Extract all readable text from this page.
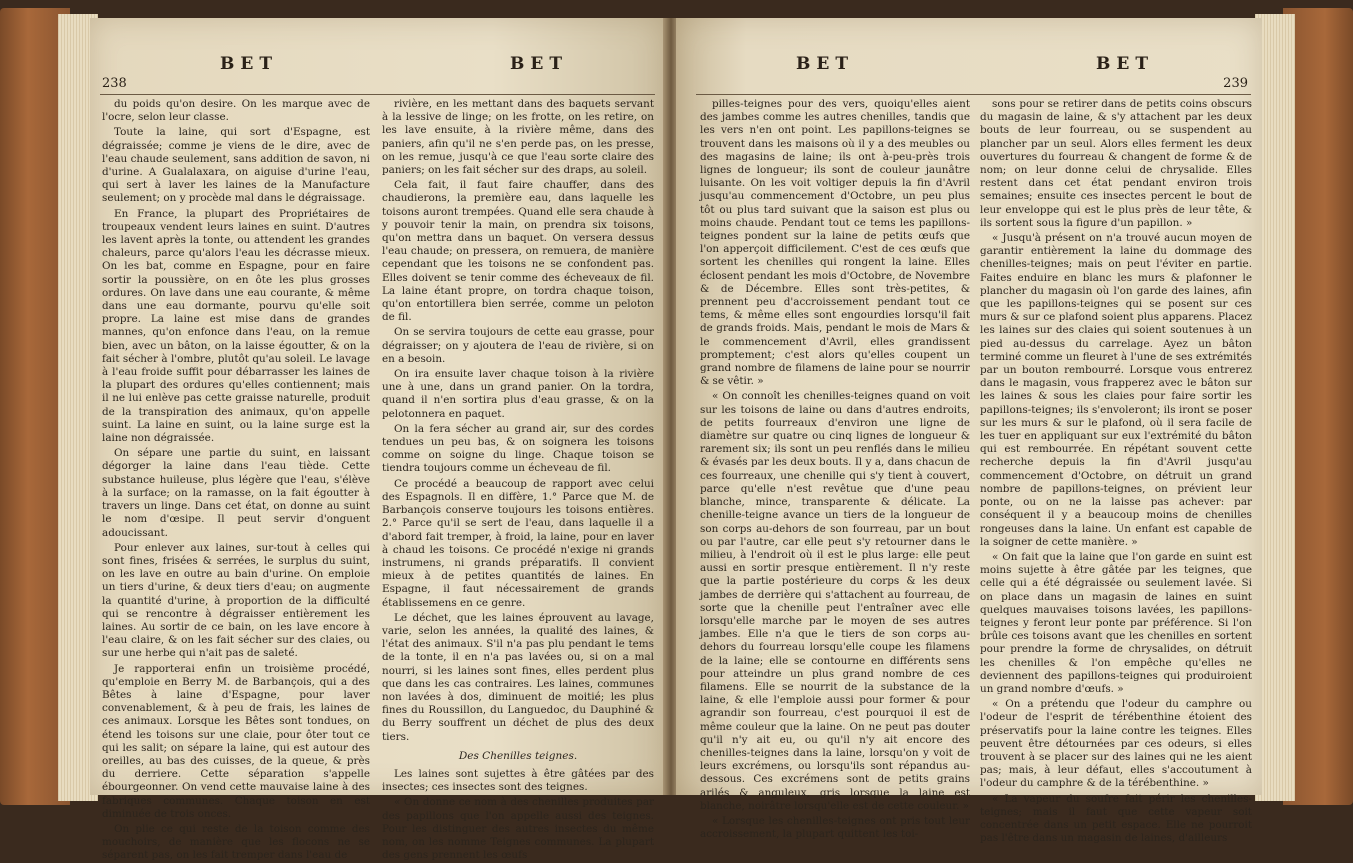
238
BET	BET

du poids qu'on desire. On les marque avec de l'ocre, selon leur classe.

Toute la laine, qui sort d'Espagne, est dégraissée; comme je viens de le dire, avec de l'eau chaude seulement, sans addition de savon, ni d'urine. A Gualalaxara, on aiguise d'urine l'eau, qui sert à laver les laines de la Manufacture seulement; on y procède mal dans le dégraissage.

En France, la plupart des Propriétaires de troupeaux vendent leurs laines en suint. D'autres les lavent après la tonte, ou attendent les grandes chaleurs, parce qu'alors l'eau les décrasse mieux. On les bat, comme en Espagne, pour en faire sortir la poussière, on en ôte les plus grosses ordures. On lave dans une eau courante, & même dans une eau dormante, pourvu qu'elle soit propre. La laine est mise dans de grandes mannes, qu'on enfonce dans l'eau, on la remue bien, avec un bâton, on la laisse égoutter, & on la fait sécher à l'ombre, plutôt qu'au soleil. Le lavage à l'eau froide suffit pour débarrasser les laines de la plupart des ordures qu'elles contiennent; mais il ne lui enlève pas cette graisse naturelle, produit de la transpiration des animaux, qu'on appelle suint. La laine en suint, ou la laine surge est la laine non dégraissée.

On sépare une partie du suint, en laissant dégorger la laine dans l'eau tiède. Cette substance huileuse, plus légère que l'eau, s'élève à la surface; on la ramasse, on la fait égoutter à travers un linge. Dans cet état, on donne au suint le nom d'œsipe. Il peut servir d'onguent adoucissant.

Pour enlever aux laines, sur-tout à celles qui sont fines, frisées & serrées, le surplus du suint, on les lave en outre au bain d'urine. On emploie un tiers d'urine, & deux tiers d'eau; on augmente la quantité d'urine, à proportion de la difficulté qui se rencontre à dégraisser entièrement les laines. Au sortir de ce bain, on les lave encore à l'eau claire, & on les fait sécher sur des claies, ou sur une herbe qui n'ait pas de saleté.

Je rapporterai enfin un troisième procédé, qu'emploie en Berry M. de Barbançois, qui a des Bêtes à laine d'Espagne, pour laver convenablement, & à peu de frais, les laines de ces animaux. Lorsque les Bêtes sont tondues, on étend les toisons sur une claie, pour ôter tout ce qui les salit; on sépare la laine, qui est autour des oreilles, au bas des cuisses, de la queue, & près du derriere. Cette séparation s'appelle ébourgeonner. On vend cette mauvaise laine à des fabriques communes. Chaque toison en est diminuée de trois onces.

On plie ce qui reste de la toison comme des mouchoirs, de manière que les flocons ne se séparent pas, on les fait tremper dans l'eau de

rivière, en les mettant dans des baquets servant à la lessive de linge; on les frotte, on les retire, on les lave ensuite, à la rivière même, dans des paniers, afin qu'il ne s'en perde pas, on les presse, on les remue, jusqu'à ce que l'eau sorte claire des paniers; on les fait sécher sur des draps, au soleil.

Cela fait, il faut faire chauffer, dans des chaudierons, la première eau, dans laquelle les toisons auront trempées. Quand elle sera chaude à y pouvoir tenir la main, on prendra six toisons, qu'on mettra dans un baquet. On versera dessus l'eau chaude; on pressera, on remuera, de manière cependant que les toisons ne se confondent pas. Elles doivent se tenir comme des écheveaux de fil. La laine étant propre, on tordra chaque toison, qu'on entortillera bien serrée, comme un peloton de fil.

On se servira toujours de cette eau grasse, pour dégraisser; on y ajoutera de l'eau de rivière, si on en a besoin.

On ira ensuite laver chaque toison à la rivière une à une, dans un grand panier. On la tordra, quand il n'en sortira plus d'eau grasse, & on la pelotonnera en paquet.

On la fera sécher au grand air, sur des cordes tendues un peu bas, & on soignera les toisons comme on soigne du linge. Chaque toison se tiendra toujours comme un écheveau de fil.

Ce procédé a beaucoup de rapport avec celui des Espagnols. Il en diffère, 1.° Parce que M. de Barbançois conserve toujours les toisons entières. 2.° Parce qu'il se sert de l'eau, dans laquelle il a d'abord fait tremper, à froid, la laine, pour en laver à chaud les toisons. Ce procédé n'exige ni grands instrumens, ni grands préparatifs. Il convient mieux à de petites quantités de laines. En Espagne, il faut nécessairement de grands établissemens en ce genre.

Le déchet, que les laines éprouvent au lavage, varie, selon les années, la qualité des laines, & l'état des animaux. S'il n'a pas plu pendant le tems de la tonte, il en n'a pas lavées ou, si on a mal nourri, si les laines sont fines, elles perdent plus que dans les cas contraires. Les laines, communes non lavées à dos, diminuent de moitié; les plus fines du Roussillon, du Languedoc, du Dauphiné & du Berry souffrent un déchet de plus des deux tiers.

Des Chenilles teignes.

Les laines sont sujettes à être gâtées par des insectes; ces insectes sont des teignes.

« On donne ce nom à des chenilles produites par des papillons que l'on appelle aussi des teignes. Pour les distinguer des autres insectes du même nom, on les nomme Teignes communes. La plupart des gens prennent les œufs

BET	BET
239

pilles-teignes pour des vers, quoiqu'elles aient des jambes comme les autres chenilles, tandis que les vers n'en ont point. Les papillons-teignes se trouvent dans les maisons où il y a des meubles ou des magasins de laine; ils ont à-peu-près trois lignes de longueur; ils sont de couleur jaunâtre luisante. On les voit voltiger depuis la fin d'Avril jusqu'au commencement d'Octobre, un peu plus tôt ou plus tard suivant que la saison est plus ou moins chaude. Pendant tout ce tems les papillons-teignes pondent sur la laine de petits œufs que l'on apperçoit difficilement. C'est de ces œufs que sortent les chenilles qui rongent la laine. Elles éclosent pendant les mois d'Octobre, de Novembre & de Décembre. Elles sont très-petites, & prennent peu d'accroissement pendant tout ce tems, & même elles sont engourdies lorsqu'il fait de grands froids. Mais, pendant le mois de Mars & le commencement d'Avril, elles grandissent promptement; c'est alors qu'elles coupent un grand nombre de filamens de laine pour se nourrir & se vêtir. »

« On connoît les chenilles-teignes quand on voit sur les toisons de laine ou dans d'autres endroits, de petits fourreaux d'environ une ligne de diamètre sur quatre ou cinq lignes de longueur & rarement six; ils sont un peu renflés dans le milieu & évasés par les deux bouts. Il y a, dans chacun de ces fourreaux, une chenille qui s'y tient à couvert, parce qu'elle n'est revêtue que d'une peau blanche, mince, transparente & délicate. La chenille-teigne avance un tiers de la longueur de son corps au-dehors de son fourreau, par un bout ou par l'autre, car elle peut s'y retourner dans le milieu, à l'endroit où il est le plus large: elle peut aussi en sortir presque entièrement. Il n'y reste que la partie postérieure du corps & les deux jambes de derrière qui s'attachent au fourreau, de sorte que la chenille peut l'entraîner avec elle lorsqu'elle marche par le moyen de ses autres jambes. Elle n'a que le tiers de son corps au-dehors du fourreau lorsqu'elle coupe les filamens de la laine; elle se contourne en différents sens pour atteindre un plus grand nombre de ces filamens. Elle se nourrit de la substance de la laine, & elle l'emploie aussi pour former & pour agrandir son fourreau, c'est pourquoi il est de même couleur que la laine. On ne peut pas douter qu'il n'y ait eu, ou qu'il n'y ait encore des chenilles-teignes dans la laine, lorsqu'on y voit de leurs excrémens, ou lorsqu'ils sont répandus au-dessous. Ces excrémens sont de petits grains arilés & anguleux, gris lorsque la laine est blanche, noirâtre lorsqu'elle est de cette couleur. »

« Lorsque les chenilles-teignes ont pris tout leur accroissement, la plupart quittent les toi-

sons pour se retirer dans de petits coins obscurs du magasin de laine, & s'y attachent par les deux bouts de leur fourreau, ou se suspendent au plancher par un seul. Alors elles ferment les deux ouvertures du fourreau & changent de forme & de nom; on leur donne celui de chrysalide. Elles restent dans cet état pendant environ trois semaines; ensuite ces insectes percent le bout de leur enveloppe qui est le plus près de leur tête, & ils sortent sous la figure d'un papillon. »

« Jusqu'à présent on n'a trouvé aucun moyen de garantir entièrement la laine du dommage des chenilles-teignes; mais on peut l'éviter en partie. Faites enduire en blanc les murs & plafonner le plancher du magasin où l'on garde des laines, afin que les papillons-teignes qui se posent sur ces murs & sur ce plafond soient plus apparens. Placez les laines sur des claies qui soient soutenues à un pied au-dessus du carrelage. Ayez un bâton terminé comme un fleuret à l'une de ses extrémités par un bouton rembourré. Lorsque vous entrerez dans le magasin, vous frapperez avec le bâton sur les laines & sous les claies pour faire sortir les papillons-teignes; ils s'envoleront; ils iront se poser sur les murs & sur le plafond, où il sera facile de les tuer en appliquant sur eux l'extrémité du bâton qui est rembourrée. En répétant souvent cette recherche depuis la fin d'Avril jusqu'au commencement d'Octobre, on détruit un grand nombre de papillons-teignes, on prévient leur ponte, ou on ne la laisse pas achever: par conséquent il y a beaucoup moins de chenilles rongeuses dans la laine. Un enfant est capable de la soigner de cette manière. »

« On fait que la laine que l'on garde en suint est moins sujette à être gâtée par les teignes, que celle qui a été dégraissée ou seulement lavée. Si on place dans un magasin de laines en suint quelques mauvaises toisons lavées, les papillons-teignes y feront leur ponte par préférence. Si l'on brûle ces toisons avant que les chenilles en sortent pour prendre la forme de chrysalides, on détruit les chenilles & l'on empêche qu'elles ne deviennent des papillons-teignes qui produiroient un grand nombre d'œufs. »

« On a prétendu que l'odeur du camphre ou l'odeur de l'esprit de térébenthine étoient des préservatifs pour la laine contre les teignes. Elles peuvent être détournées par ces odeurs, si elles trouvent à se placer sur des laines qui ne les aient pas; mais, à leur défaut, elles s'accoutument à l'odeur du camphre & de la térébenthine. »

« La vapeur du soufre fait périr les chenilles-teignes; mais il faut que cette vapeur soit concentrée dans un petit espace. Elle ne pourroit pas l'être dans un magasin de laines, d'ailleurs
